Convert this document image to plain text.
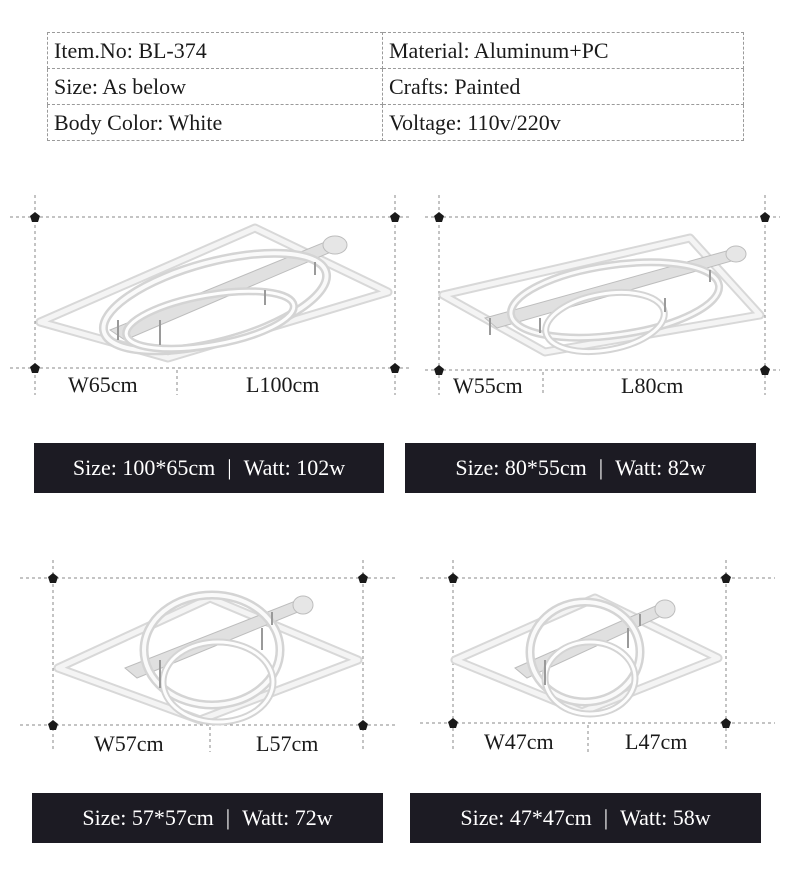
Item.No: BL-374	Material: Aluminum+PC
Size: As below	Crafts: Painted
Body Color: White	Voltage: 110v/220v
W65cm	L100cm	W55cm	L80cm
Size: 100*65cm | Watt: 102w	Size: 80*55cm | Watt: 82w
W57cm	L57cm	W47cm	L47cm
Size: 57*57cm | Watt: 72w	Size: 47*47cm | Watt: 58w
